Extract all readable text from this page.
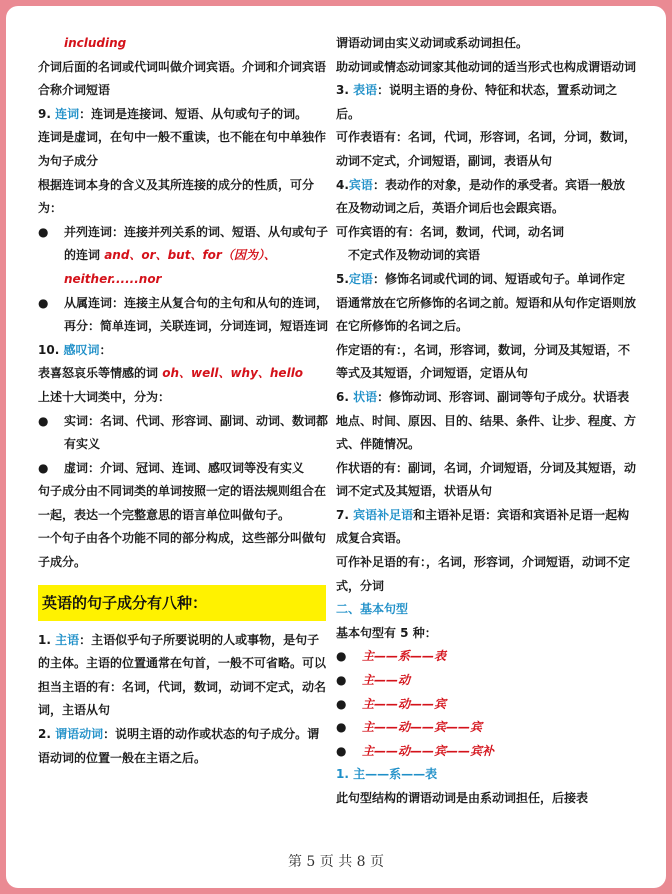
including

介词后面的名词或代词叫做介词宾语。介词和介词宾语合称介词短语

9. 连词：连词是连接词、短语、从句或句子的词。

连词是虚词，在句中一般不重读，也不能在句中单独作为句子成分

根据连词本身的含义及其所连接的成分的性质，可分为：

●	并列连词：连接并列关系的词、短语、从句或句子的连词 and、or、but、for（因为）、neither......nor
●	从属连词：连接主从复合句的主句和从句的连词，再分：简单连词，关联连词，分词连词，短语连词

10. 感叹词：

表喜怒哀乐等情感的词 oh、well、why、hello

上述十大词类中，分为：

●	实词：名词、代词、形容词、副词、动词、数词都有实义
●	虚词：介词、冠词、连词、感叹词等没有实义

句子成分由不同词类的单词按照一定的语法规则组合在一起，表达一个完整意思的语言单位叫做句子。

一个句子由各个功能不同的部分构成，这些部分叫做句子成分。

英语的句子成分有八种：

1. 主语：主语似乎句子所要说明的人或事物，是句子的主体。主语的位置通常在句首，一般不可省略。可以担当主语的有：名词，代词，数词，动词不定式，动名词，主语从句

2. 谓语动词：说明主语的动作或状态的句子成分。谓语动词的位置一般在主语之后。

谓语动词由实义动词或系动词担任。

助动词或情态动词家其他动词的适当形式也构成谓语动词

3. 表语：说明主语的身份、特征和状态，置系动词之后。

可作表语有：名词，代词，形容词，名词，分词，数词，动词不定式，介词短语，副词，表语从句

4.宾语：表动作的对象，是动作的承受者。宾语一般放在及物动词之后，英语介词后也会跟宾语。

可作宾语的有：名词，数词，代词，动名词

不定式作及物动词的宾语

5.定语：修饰名词或代词的词、短语或句子。单词作定语通常放在它所修饰的名词之前。短语和从句作定语则放在它所修饰的名词之后。

作定语的有：，名词，形容词，数词，分词及其短语，不等式及其短语，介词短语，定语从句

6. 状语：修饰动词、形容词、副词等句子成分。状语表地点、时间、原因、目的、结果、条件、让步、程度、方式、伴随情况。

作状语的有：副词，名词，介词短语，分词及其短语，动词不定式及其短语，状语从句

7. 宾语补足语和主语补足语：宾语和宾语补足语一起构成复合宾语。

可作补足语的有：，名词，形容词，介词短语，动词不定式，分词

二、基本句型

基本句型有 5 种：

●	主——系——表
●	主——动
●	主——动——宾
●	主——动——宾——宾
●	主——动——宾——宾补

1. 主——系——表

此句型结构的谓语动词是由系动词担任，后接表

第 5 页 共 8 页
